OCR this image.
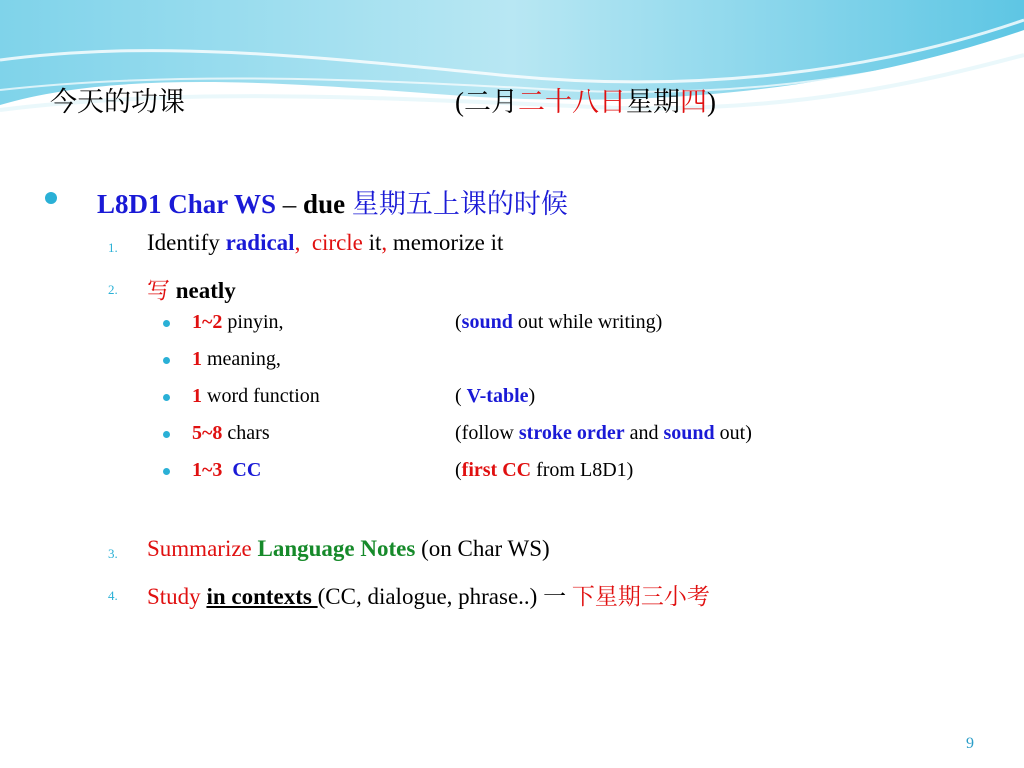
今天的功课	(二月二十八日星期四)
L8D1 Char WS – due 星期五上课的时候
1. Identify radical, circle it, memorize it
2. 写 neatly
1~2 pinyin,	(sound out while writing)
1 meaning,
1 word function	( V-table)
5~8 chars	(follow stroke order and sound out)
1~3 CC	(first CC from L8D1)
3. Summarize Language Notes (on Char WS)
4. Study in contexts (CC, dialogue, phrase..) 一 下星期三小考
9
